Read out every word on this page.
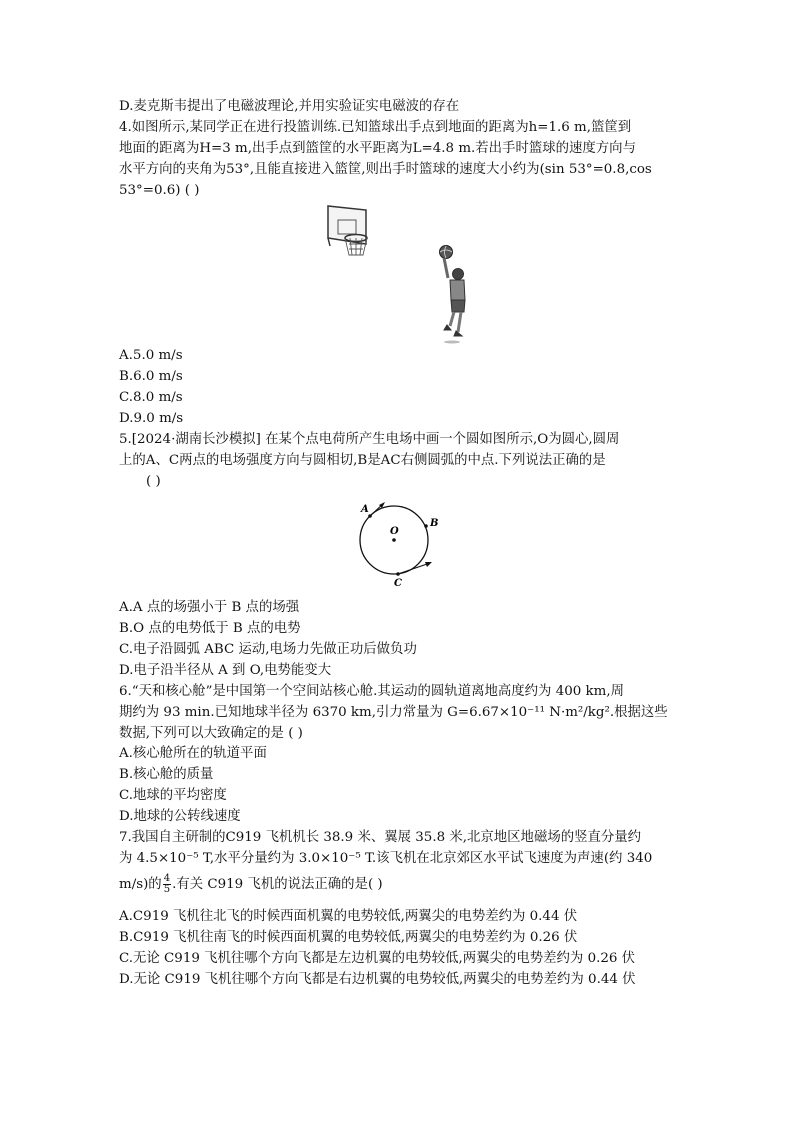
D.麦克斯韦提出了电磁波理论,并用实验证实电磁波的存在
4.如图所示,某同学正在进行投篮训练.已知篮球出手点到地面的距离为h=1.6 m,篮筐到
地面的距离为H=3 m,出手点到篮筐的水平距离为L=4.8 m.若出手时篮球的速度方向与
水平方向的夹角为53°,且能直接进入篮筐,则出手时篮球的速度大小约为(sin 53°=0.8,cos
53°=0.6) ( )
A.5.0 m/s
B.6.0 m/s
C.8.0 m/s
D.9.0 m/s
5.[2024·湖南长沙模拟] 在某个点电荷所产生电场中画一个圆如图所示,O为圆心,圆周
上的A、C两点的电场强度方向与圆相切,B是AC右侧圆弧的中点.下列说法正确的是
( )
A
O
B
C
A.A 点的场强小于 B 点的场强
B.O 点的电势低于 B 点的电势
C.电子沿圆弧 ABC 运动,电场力先做正功后做负功
D.电子沿半径从 A 到 O,电势能变大
6.“天和核心舱”是中国第一个空间站核心舱.其运动的圆轨道离地高度约为 400 km,周
期约为 93 min.已知地球半径为 6370 km,引力常量为 G=6.67×10⁻¹¹ N·m²/kg².根据这些
数据,下列可以大致确定的是 ( )
A.核心舱所在的轨道平面
B.核心舱的质量
C.地球的平均密度
D.地球的公转线速度
7.我国自主研制的C919 飞机机长 38.9 米、翼展 35.8 米,北京地区地磁场的竖直分量约
为 4.5×10⁻⁵ T,水平分量约为 3.0×10⁻⁵ T.该飞机在北京郊区水平试飞速度为声速(约 340
m/s)的 $\frac{4}{5}$ .有关 C919 飞机的说法正确的是( )
A.C919 飞机往北飞的时候西面机翼的电势较低,两翼尖的电势差约为 0.44 伏
B.C919 飞机往南飞的时候西面机翼的电势较低,两翼尖的电势差约为 0.26 伏
C.无论 C919 飞机往哪个方向飞都是左边机翼的电势较低,两翼尖的电势差约为 0.26 伏
D.无论 C919 飞机往哪个方向飞都是右边机翼的电势较低,两翼尖的电势差约为 0.44 伏
